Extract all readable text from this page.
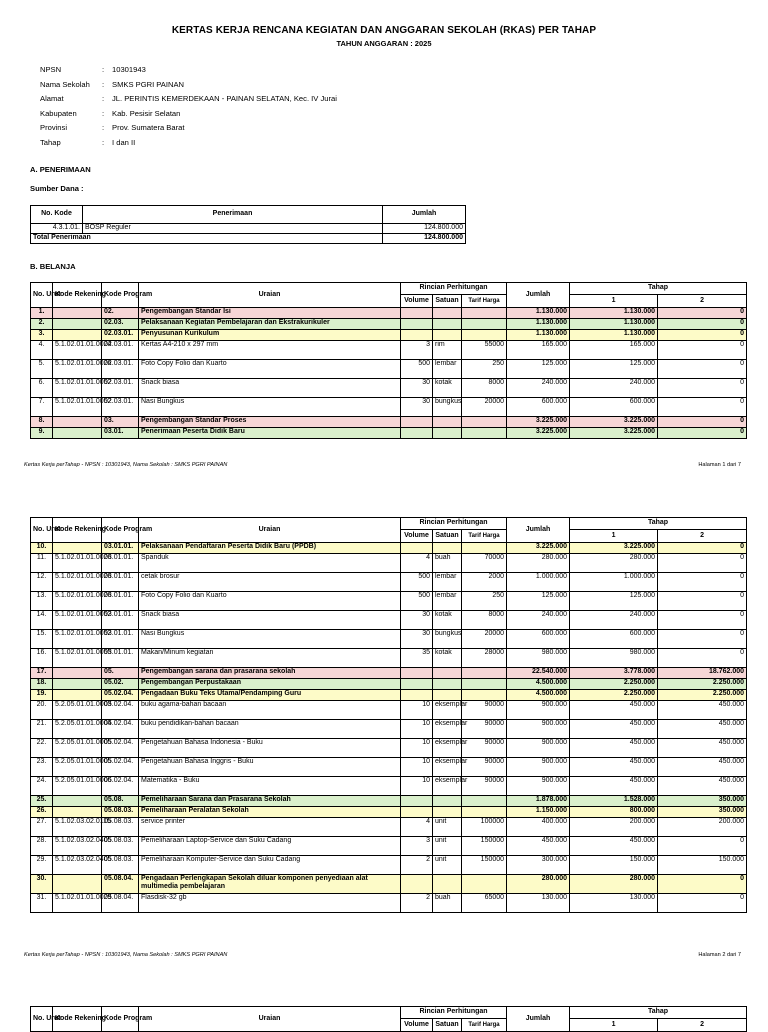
KERTAS KERJA RENCANA KEGIATAN DAN ANGGARAN SEKOLAH (RKAS) PER TAHAP
TAHUN ANGGARAN : 2025
NPSN	: 10301943
Nama Sekolah : SMKS PGRI PAINAN
Alamat	: JL. PERINTIS KEMERDEKAAN - PAINAN SELATAN, Kec. IV Jurai
Kabupaten	: Kab. Pesisir Selatan
Provinsi	: Prov. Sumatera Barat
Tahap	: I dan II
A. PENERIMAAN
Sumber Dana :
No. Kode	Penerimaan	Jumlah
4.3.1.01.	BOSP Reguler	124.800.000
Total Penerimaan		124.800.000
B. BELANJA
No. Urut	Kode Rekening	Kode Program	Uraian	Rincian Perhitungan			Jumlah	Tahap	
				Volume	Satuan	Tarif Harga		1	2
1.		02.	Pengembangan Standar Isi				1.130.000	1.130.000	0
2.		02.03.	Pelaksanaan Kegiatan Pembelajaran dan Ekstrakurikuler				1.130.000	1.130.000	0
3.		02.03.01.	Penyusunan Kurikulum				1.130.000	1.130.000	0
4.	5.1.02.01.01.0024	02.03.01.	Kertas A4-210 x 297 mm	3	rim	55000	165.000	165.000	0
5.	5.1.02.01.01.0026	02.03.01.	Foto Copy Folio dan Kuarto	500	lembar	250	125.000	125.000	0
6.	5.1.02.01.01.0052	02.03.01.	Snack biasa	30	kotak	8000	240.000	240.000	0
7.	5.1.02.01.01.0052	02.03.01.	Nasi Bungkus	30	bungkus	20000	600.000	600.000	0
8.		03.	Pengembangan Standar Proses				3.225.000	3.225.000	0
9.		03.01.	Penerimaan Peserta Didik Baru				3.225.000	3.225.000	0
Kertas Kerja perTahap - NPSN : 10301943, Nama Sekolah : SMKS PGRI PAINAN	Halaman 1 dari 7
No. Urut	Kode Rekening	Kode Program	Uraian	Rincian Perhitungan			Jumlah	Tahap	
				Volume	Satuan	Tarif Harga		1	2
10.		03.01.01.	Pelaksanaan Pendaftaran Peserta Didik Baru (PPDB)				3.225.000	3.225.000	0
11.	5.1.02.01.01.0026	03.01.01.	Spanduk	4	buah	70000	280.000	280.000	0
12.	5.1.02.01.01.0026	03.01.01.	cetak brosur	500	lembar	2000	1.000.000	1.000.000	0
13.	5.1.02.01.01.0026	03.01.01.	Foto Copy Folio dan Kuarto	500	lembar	250	125.000	125.000	0
14.	5.1.02.01.01.0052	03.01.01.	Snack biasa	30	kotak	8000	240.000	240.000	0
15.	5.1.02.01.01.0052	03.01.01.	Nasi Bungkus	30	bungkus	20000	600.000	600.000	0
16.	5.1.02.01.01.0055	03.01.01.	Makan/Minum kegiatan	35	kotak	28000	980.000	980.000	0
17.		05.	Pengembangan sarana dan prasarana sekolah				22.540.000	3.778.000	18.762.000
18.		05.02.	Pengembangan Perpustakaan				4.500.000	2.250.000	2.250.000
19.		05.02.04.	Pengadaan Buku Teks Utama/Pendamping Guru				4.500.000	2.250.000	2.250.000
20.	5.2.05.01.01.0003	05.02.04.	buku agama-bahan bacaan	10	eksemplar	90000	900.000	450.000	450.000
21.	5.2.05.01.01.0004	05.02.04.	buku pendidikan-bahan bacaan	10	eksemplar	90000	900.000	450.000	450.000
22.	5.2.05.01.01.0005	05.02.04.	Pengetahuan Bahasa Indonesia - Buku	10	eksemplar	90000	900.000	450.000	450.000
23.	5.2.05.01.01.0005	05.02.04.	Pengetahuan Bahasa Inggris - Buku	10	eksemplar	90000	900.000	450.000	450.000
24.	5.2.05.01.01.0006	05.02.04.	Matematika - Buku	10	eksemplar	90000	900.000	450.000	450.000
25.		05.08.	Pemeliharaan Sarana dan Prasarana Sekolah				1.878.000	1.528.000	350.000
26.		05.08.03.	Pemeliharaan Peralatan Sekolah				1.150.000	800.000	350.000
27.	5.1.02.03.02.0115	05.08.03.	service printer	4	unit	100000	400.000	200.000	200.000
28.	5.1.02.03.02.0405	05.08.03.	Pemeliharaan Laptop-Service dan Suku Cadang	3	unit	150000	450.000	450.000	0
29.	5.1.02.03.02.0405	05.08.03.	Pemeliharaan Komputer-Service dan Suku Cadang	2	unit	150000	300.000	150.000	150.000
30.		05.08.04.	Pengadaan Perlengkapan Sekolah diluar komponen penyediaan alat multimedia pembelajaran				280.000	280.000	0
31.	5.1.02.01.01.0029	05.08.04.	Flasdisk-32 gb	2	buah	65000	130.000	130.000	0
Kertas Kerja perTahap - NPSN : 10301943, Nama Sekolah : SMKS PGRI PAINAN	Halaman 2 dari 7
No. Urut	Kode Rekening	Kode Program	Uraian	Rincian Perhitungan			Jumlah	Tahap	
				Volume	Satuan	Tarif Harga		1	2
